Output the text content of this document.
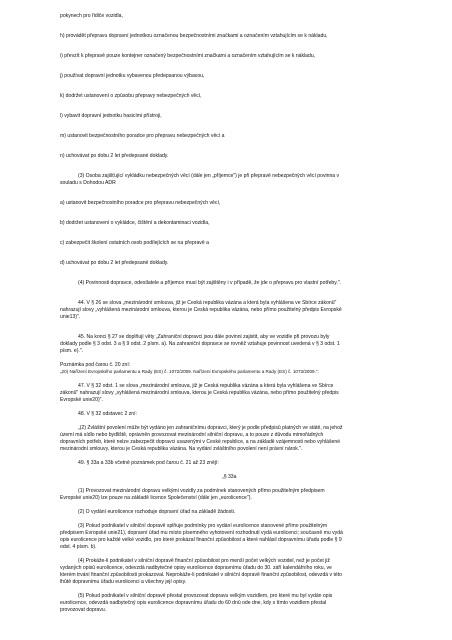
pokynech pro řidiče vozidla,
h) provádět přepravu dopravní jednotkou označenou bezpečnostními značkami a označením vztahujícím se k nákladu,
i) převzít k přepravě pouze kontejner označený bezpečnostními značkami a označením vztahujícím se k nákladu,
j) používat dopravní jednotku vybavenou předepsanou výbavou,
k) dodržet ustanovení o způsobu přepravy nebezpečných věcí,
l) vybavit dopravní jednotku hasicími přístroji,
m) ustanovit bezpečnostního poradce pro přepravu nebezpečných věcí a
n) uchovávat po dobu 2 let předepsané doklady.
(3) Osoba zajišťující vykládku nebezpečných věcí (dále jen „příjemce") je při přepravě nebezpečných věcí povinna v
souladu s Dohodou ADR
a) ustanovit bezpečnostního poradce pro přepravu nebezpečných věcí,
b) dodržet ustanovení o vykládce, čištění a dekontaminaci vozidla,
c) zabezpečit školení ostatních osob podílejících se na přepravě a
d) uchovávat po dobu 2 let předepsané doklady.
(4) Povinnosti dopravce, odesílatele a příjemce musí být zajištěny i v případě, že jde o přepravu pro vlastní potřeby.".
44. V § 26 se slova „mezinárodní smlouva, již je Česká republika vázána a která byla vyhlášena ve Sbírce zákonů"
nahrazují slovy „vyhlášená mezinárodní smlouva, kterou je Česká republika vázána, nebo přímo použitelný předpis Evropské
unie13)".
45. Na konci § 27 se doplňují věty „Zahraniční dopravci jsou dále povinni zajistit, aby ve vozidle při provozu byly
doklady podle § 3 odst. 3 a § 9 odst. 2 písm. a). Na zahraniční dopravce se rovněž vztahuje povinnost uvedená v § 3 odst. 1
písm. e).".
Poznámka pod čarou č. 20 zní:
„20) Nařízení Evropského parlamentu a Rady (ES) č. 1072/2009. Nařízení Evropského parlamentu a Rady (ES) č. 1073/2009.".
47. V § 32 odst. 1 se slova „mezinárodní smlouva, již je Česká republika vázána a která byla vyhlášena ve Sbírce
zákonů" nahrazují slovy „vyhlášená mezinárodní smlouva, kterou je Česká republika vázána, nebo přímo použitelný předpis
Evropské unie20)".
48. V § 32 odstavec 2 zní:
„(2) Zvláštní povolení může být vydáno jen zahraničnímu dopravci, který je podle předpisů platných ve státě, na jehož
území má sídlo nebo bydliště, oprávněn provozovat mezinárodní silniční dopravu, a to pouze z důvodu mimořádných
dopravních potřeb, které nelze zabezpečit dopravci usazenými v České republice, a na základě vzájemnosti nebo vyhlášené
mezinárodní smlouvy, kterou je Česká republika vázána. Na vydání zvláštního povolení není právní nárok.".
49. § 33a a 33b včetně poznámek pod čarou č. 21 až 23 znějí:
„§ 33a
(1) Provozovat mezinárodní dopravu velkými vozidly za podmínek stanovených přímo použitelným předpisem
Evropské unie20) lze pouze na základě licence Společenství (dále jen „eurolicence").
(2) O vydání eurolicence rozhoduje dopravní úřad na základě žádosti.
(3) Pokud podnikatel v silniční dopravě splňuje podmínky pro vydání eurolicence stanovené přímo použitelným
předpisem Evropské unie21), dopravní úřad mu místo písemného vyhotovení rozhodnutí vydá eurolicenci; současně mu vydá
opis eurolicence pro každé velké vozidlo, pro které prokázal finanční způsobilost a které nahlásil dopravnímu úřadu podle § 9
odst. 4 písm. b).
(4) Prokáže-li podnikatel v silniční dopravě finanční způsobilost pro menší počet velkých vozidel, než je počet již
vydaných opisů eurolicence, odevzdá nadbytečné opisy eurolicence dopravnímu úřadu do 30. září kalendářního roku, ve
kterém trvání finanční způsobilosti prokazoval. Neprokáže-li podnikatel v silniční dopravě finanční způsobilost, odevzdá v této
lhůtě dopravnímu úřadu eurolicenci a všechny její opisy.
(5) Pokud podnikatel v silniční dopravě přestal provozovat dopravu velkým vozidlem, pro které mu byl vydán opis
eurolicence, odevzdá nadbytečný opis eurolicence dopravnímu úřadu do 60 dnů ode dne, kdy s tímto vozidlem přestal
provozovat dopravu.
